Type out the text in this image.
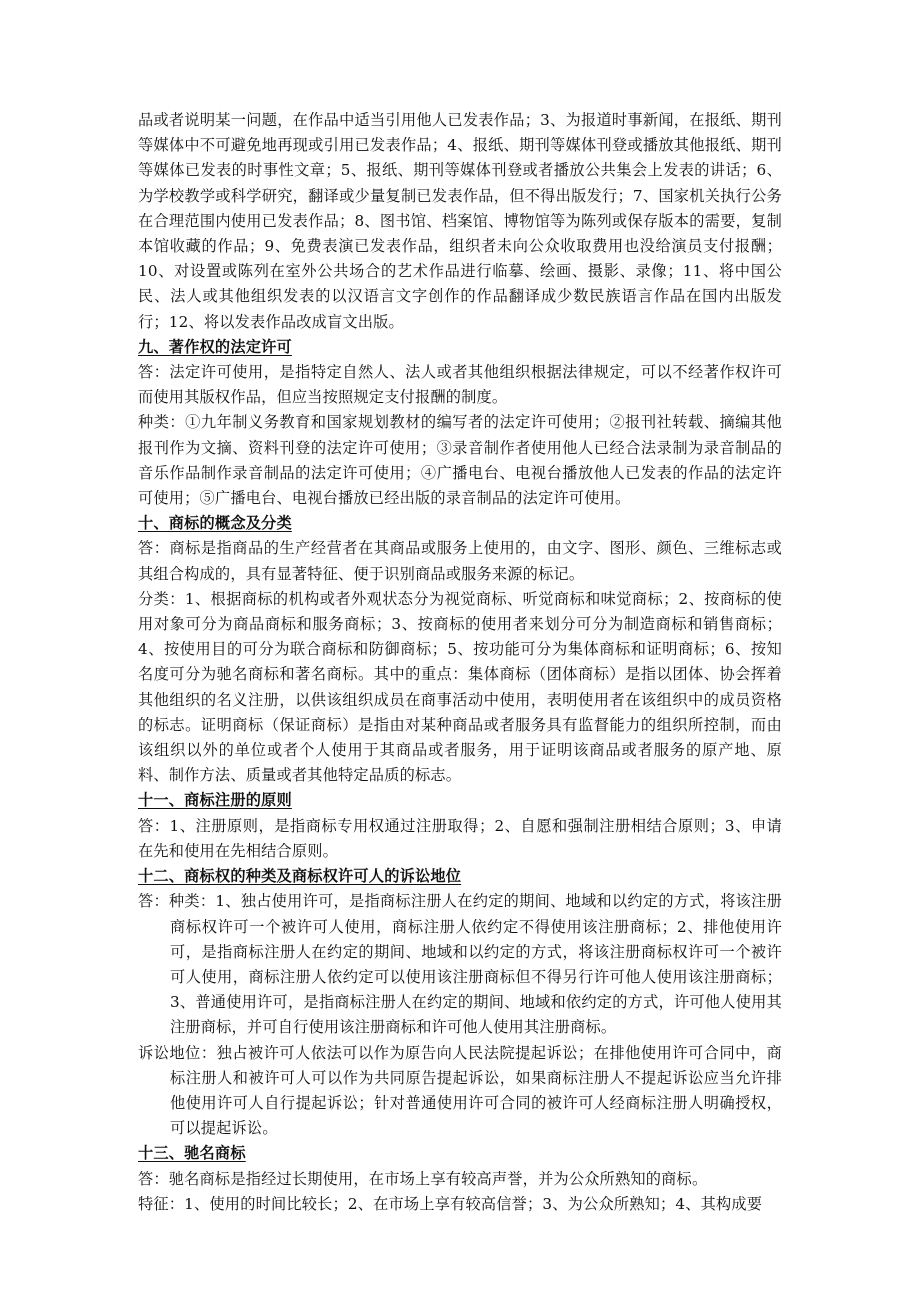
品或者说明某一问题，在作品中适当引用他人已发表作品；3、为报道时事新闻，在报纸、期刊等媒体中不可避免地再现或引用已发表作品；4、报纸、期刊等媒体刊登或播放其他报纸、期刊等媒体已发表的时事性文章；5、报纸、期刊等媒体刊登或者播放公共集会上发表的讲话；6、为学校教学或科学研究，翻译或少量复制已发表作品，但不得出版发行；7、国家机关执行公务在合理范围内使用已发表作品；8、图书馆、档案馆、博物馆等为陈列或保存版本的需要，复制本馆收藏的作品；9、免费表演已发表作品，组织者未向公众收取费用也没给演员支付报酬；10、对设置或陈列在室外公共场合的艺术作品进行临摹、绘画、摄影、录像；11、将中国公民、法人或其他组织发表的以汉语言文字创作的作品翻译成少数民族语言作品在国内出版发行；12、将以发表作品改成盲文出版。

九、著作权的法定许可

答：法定许可使用，是指特定自然人、法人或者其他组织根据法律规定，可以不经著作权许可而使用其版权作品，但应当按照规定支付报酬的制度。

种类：①九年制义务教育和国家规划教材的编写者的法定许可使用；②报刊社转载、摘编其他报刊作为文摘、资料刊登的法定许可使用；③录音制作者使用他人已经合法录制为录音制品的音乐作品制作录音制品的法定许可使用；④广播电台、电视台播放他人已发表的作品的法定许可使用；⑤广播电台、电视台播放已经出版的录音制品的法定许可使用。

十、商标的概念及分类

答：商标是指商品的生产经营者在其商品或服务上使用的，由文字、图形、颜色、三维标志或其组合构成的，具有显著特征、便于识别商品或服务来源的标记。

分类：1、根据商标的机构或者外观状态分为视觉商标、听觉商标和味觉商标；2、按商标的使用对象可分为商品商标和服务商标；3、按商标的使用者来划分可分为制造商标和销售商标；4、按使用目的可分为联合商标和防御商标；5、按功能可分为集体商标和证明商标；6、按知名度可分为驰名商标和著名商标。其中的重点：集体商标（团体商标）是指以团体、协会挥着其他组织的名义注册，以供该组织成员在商事活动中使用，表明使用者在该组织中的成员资格的标志。证明商标（保证商标）是指由对某种商品或者服务具有监督能力的组织所控制，而由该组织以外的单位或者个人使用于其商品或者服务，用于证明该商品或者服务的原产地、原料、制作方法、质量或者其他特定品质的标志。

十一、商标注册的原则

答：1、注册原则，是指商标专用权通过注册取得；2、自愿和强制注册相结合原则；3、申请在先和使用在先相结合原则。

十二、商标权的种类及商标权许可人的诉讼地位

答：种类：1、独占使用许可，是指商标注册人在约定的期间、地域和以约定的方式，将该注册商标权许可一个被许可人使用，商标注册人依约定不得使用该注册商标；2、排他使用许可，是指商标注册人在约定的期间、地域和以约定的方式，将该注册商标权许可一个被许可人使用，商标注册人依约定可以使用该注册商标但不得另行许可他人使用该注册商标；3、普通使用许可，是指商标注册人在约定的期间、地域和依约定的方式，许可他人使用其注册商标，并可自行使用该注册商标和许可他人使用其注册商标。

诉讼地位：独占被许可人依法可以作为原告向人民法院提起诉讼；在排他使用许可合同中，商标注册人和被许可人可以作为共同原告提起诉讼，如果商标注册人不提起诉讼应当允许排他使用许可人自行提起诉讼；针对普通使用许可合同的被许可人经商标注册人明确授权，可以提起诉讼。

十三、驰名商标

答：驰名商标是指经过长期使用，在市场上享有较高声誉，并为公众所熟知的商标。

特征：1、使用的时间比较长；2、在市场上享有较高信誉；3、为公众所熟知；4、其构成要
